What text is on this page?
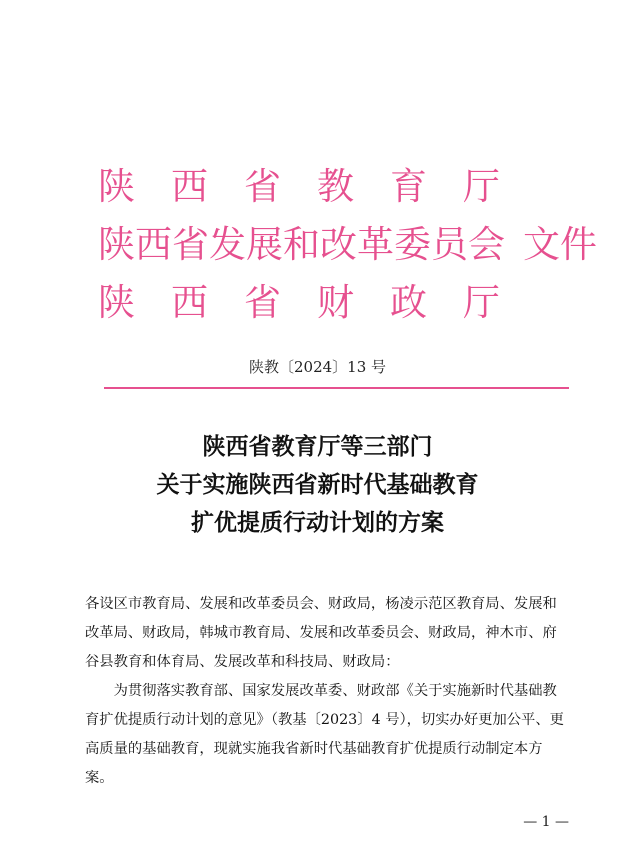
陕西省教育厅
陕西省发展和改革委员会 文件
陕西省财政厅
陕教〔2024〕13 号
陕西省教育厅等三部门
关于实施陕西省新时代基础教育
扩优提质行动计划的方案

各设区市教育局、发展和改革委员会、财政局，杨凌示范区教育局、发展和改革局、财政局，韩城市教育局、发展和改革委员会、财政局，神木市、府谷县教育和体育局、发展改革和科技局、财政局：

为贯彻落实教育部、国家发展改革委、财政部《关于实施新时代基础教育扩优提质行动计划的意见》（教基〔2023〕4 号），切实办好更加公平、更高质量的基础教育，现就实施我省新时代基础教育扩优提质行动制定本方案。

— 1 —
